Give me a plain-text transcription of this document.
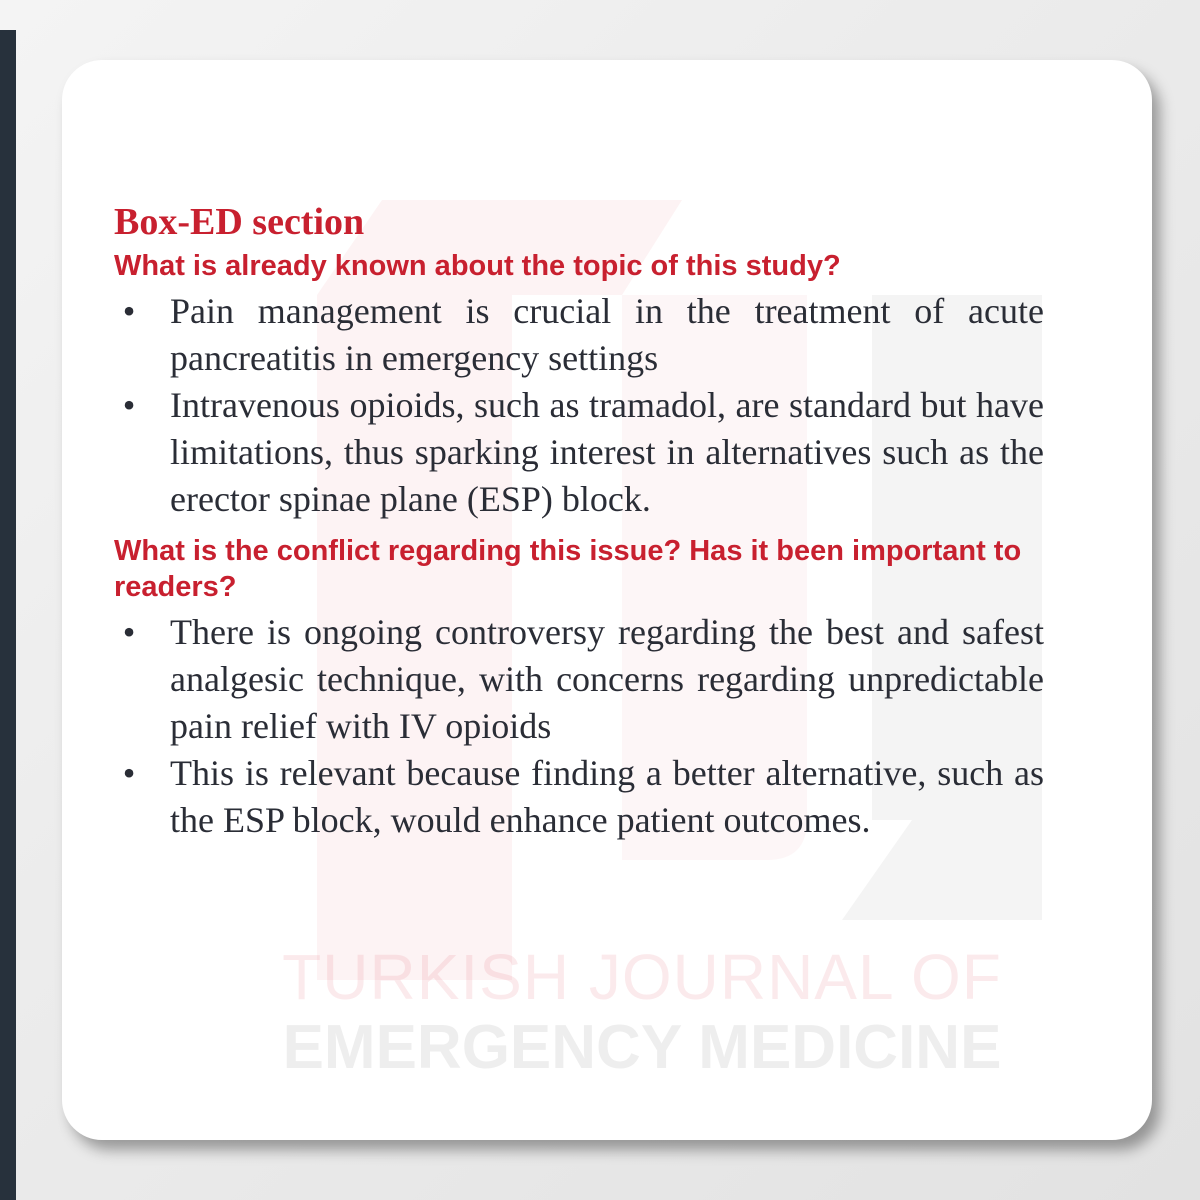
TURKISH JOURNAL OF
EMERGENCY MEDICINE
Box-ED section
What is already known about the topic of this study?
• Pain management is crucial in the treatment of acute pancreatitis in emergency settings
• Intravenous opioids, such as tramadol, are standard but have limitations, thus sparking interest in alternatives such as the erector spinae plane (ESP) block.
What is the conflict regarding this issue? Has it been important to readers?
• There is ongoing controversy regarding the best and safest analgesic technique, with concerns regarding unpredictable pain relief with IV opioids
• This is relevant because finding a better alternative, such as the ESP block, would enhance patient outcomes.
